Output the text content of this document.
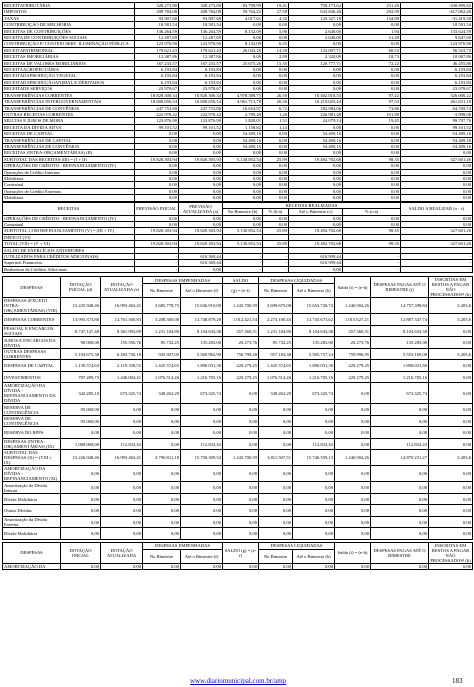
RECEITATRIBUTÁRIA	328.273,80	328.273,80	83.799,99	19,41	759.173,62	231,26	-430.899,82
IMPOSTOS	208.784,08	208.784,08	59.764,22	27,58	633.846,48	292,99	-417.062,40
TAXAS	93.907,68	93.907,68	4.017,61	4,32	125.327,18	134,99	-31.419,50
CONTRIBUIÇÃO DE MELHORIA	18.581,54	18.581,54	0,00	0,00	0,00	0,00	18.581,54
RECEITAS DE CONTRIBUIÇÕES	136.264,59	136.264,59	8.132,09	5,96	2.640,00	1,94	133.624,59
RECEITA DE CONTRIBUIÇÕES SOCIAIS	12.287,69	12.287,69	0,00	0,00	2.640,00	21,49	9.647,69
CONTRIBUIÇÃO P/ CUSTEIO SERV. ILUMINAÇÃO PÚBLICA	123.976,90	123.976,90	8.132,09	6,55	0,00	0,00	123.976,90
RECEITAPATRIMONIAL	179.621,43	179.621,43	26.043,26	14,50	123.097,71	68,53	56.523,72
RECEITAS IMOBILIÁRIAS	12.387,86	12.387,86	0,00	2,99	2.320,00	18,73	10.067,86
RECEITAS DE VALORES MOBILIÁRIOS	167.233,57	167.233,57	25.675,26	15,35	120.777,71	72,22	46.455,86
RECEITAAGROPECUÁRIA	6.193,84	6.193,84	0,00	0,00	0,00	0,00	6.193,84
RECEITADAPRODUÇÃO VEGETAL	6.193,84	6.193,84	0,00	0,00	0,00	0,00	6.193,84
RECEITADAPRODUÇÃOANIMAL E DERIVADOS	6.193,84	6.193,84	0,00	0,00	0,00	0,00	6.193,84
RECEITADE SERVIÇOS	23.978,67	23.978,67	0,00	0,00	0,00	0,00	23.978,67
TRANSFERÊNCIAS CORRENTES	18.828.300,34	18.828.300,34	4.978.388,75	26,50	18.402.010,53	97,22	326.000,22
TRANSFERÊNCIAS INTERGOVERNAMENTAIS	18.600.656,54	18.600.656,54	4.961.713,78	26,56	18.219.025,44	97,53	461.631,10
TRANSFERÊNCIAS DE CONVÊNIOS	247.753,80	247.753,80	16.654,97	6,72	182.984,06	73,86	64.769,74
OUTRAS RECEITAS CORRENTES	222.978,42	222.978,42	2.799,40	1,26	226.981,48	101,80	-3.998,06
MULTAS E JUROS DE MORA	123.876,90	123.876,90	1.828,01	1,51	24.079,14	19,45	99.797,76
RECEITA DA DÍVIDA ATIVA	99.101,52	99.101,52	1.158,82	1,14	0,00	0,00	99.101,52
RECEITAS DE CAPITAL	0,00	0,00	54.409,16	0,00	54.409,16	0,00	-54.409,16
TRANSFERÊNCIAS DE CAPITAL	0,00	0,00	54.409,16	0,00	54.409,16	0,00	-54.409,16
TRANSFERÊNCIAS DE CONVÊNIOS	0,00	0,00	54.409,16	0,00	54.409,16	0,00	-54.409,16
RECEITAS (INTRA-ORÇAMENTÁRIAS) (II)	0,00	0,00	0,00	0,00	0,00	0,00	0,00
SUBTOTAL DAS RECEITAS (III) = (I + II)	19.820.303,94	19.820.303,94	5.130.852,54	25,89	19.492.702,68	98,35	327.601,26
OPERAÇÕES DE CRÉDITO - REFINANCIAMENTO (IV)	0,00	0,00	0,00	0,00	0,00	0,00	0,00
Operações de Crédito Internas	0,00	0,00	0,00	0,00	0,00	0,00	0,00
Mobiliária	0,00	0,00	0,00	0,00	0,00	0,00	0,00
Contratual	0,00	0,00	0,00	0,00	0,00	0,00	0,00
Operações de Crédito Externas	0,00	0,00	0,00	0,00	0,00	0,00	0,00
Mobiliária	0,00	0,00	0,00	0,00	0,00	0,00	0,00
RECEITAS	PREVISÃO INICIAL	PREVISÃO ATUALIZADA (a)	RECEITAS REALIZADAS				SALDO A REALIZAR (a - c)
			No Bimestre (b)	% (b/a)	Até o Bimestre (c)	% (c/a)	
OPERAÇÕES DE CRÉDITO - REFINANCIAMENTO (IV)	0,00	0,00	0,00	0,00	0,00	0,00	0,00
Contratual	0,00	0,00	0,00	0,00	0,00	0,00	0,00
SUBTOTAL COM REFINANCIAMENTO (V) = (III + IV)	19.820.303,94	19.820.303,94	5.130.852,54	25,89	19.492.702,68	98,35	327.601,26
DÉFICIT (VI)							
TOTAL (VII) = (V + VI)	19.820.303,94	19.820.303,94	5.130.852,54	25,89	19.492.702,68	98,35	327.601,26
SALDO DE EXERCÍCIOS ANTERIORES							
(UTILIZADOS PARA CRÉDITOS ADICIONAIS)	-	610.369,44	-	-	610.999,44	-	-
Superávit Financeiro	-	610.369,44	-	-	610.999,44	-	-
Reabertura de Créditos Adicionais	-	0,00	-	-	0,00	-	-
DESPESAS	DOTAÇÃO INICIAL (d)	DOTAÇÃO ATUALIZADA (e)	DESPESAS EMPENHADAS		SALDO	DESPESAS LIQUIDADAS		Saldo (i) = (e-h)	DESPESAS PAGAS ATÉ O BIMESTRE (j)	INSCRITAS EM RESTOS A PAGAR NÃO PROCESSADOS² (k)
			No Bimestre	Até o Bimestre (f)	(g) = (e-f)	No Bimestre	Até o Bimestre (h)			
DESPESAS (EXCETO INTRA-ORÇAMENTÁRIAS) (VIII)	15.225.948,46	16.993.463,41	3.685.778,75	15.636.910,00	1.243.700,59	3.699.675,08	15.653.726,72	1.246.904,26	14.757.398,84	3.203,6
DESPESAS CORRENTES	13.993.373,80	14.761.300,83	3.208.300,00	13.748.879,28	1.012.421,54	2.274.100,43	13.745.673,62	1.015.627,21	12.887.347,74	3.203,6
PESSOAL E ENCARGOS SOCIAIS	8.747.147,48	8.361.993,89	1.231.184,80	8.104.633,38	257.360,51	1.231.184,80	8.104.633,38	257.360,51	8.104.633,38	0,00
JUROS E ENCARGOS DA DÍVIDA	90.000,00	155.556,76	85.732,25	135.283,00	20.273,76	85.732,25	135.283,00	20.273,76	135.283,00	0,00
OUTRAS DESPESAS CORRENTES	5.194.675,38	6.293.750,18	943.307,05	5.560.962,90	756.799,28	957.183,38	5.505.757,24	759.996,95	5.553.169,08	3.203,6
DESPESAS DE CAPITAL	1.139.574,63	2.119.330,55	1.425.574,65	1.890.031,30	229.279,25	1.425.574,65	1.890.031,30	229.279,25	1.890.031,30	0,00
INVESTIMENTOS	797.289,73	1.446.004,41	1.076.512,26	1.216.705,16	229.279,25	1.076.512,26	1.216.705,16	229.279,25	1.216.705,16	0,00
AMORTIZAÇÃO DA DÍVIDA - REFINANCIAMENTO DA DÍVIDA	342.285,10	673.325,74	349.262,29	673.325,74	0,00	349.262,29	673.325,74	0,00	673.325,74	0,00
RESERVA DE CONTINGÊNCIA	95.000,00	0,00	0,00	0,00	0,00	0,00	0,00	0,00	0,00	0,00
RESERVA DE CONTINGÊNCIA	95.000,00	0,00	0,00	0,00	0,00	0,00	0,00	0,00	0,00	0,00
RESERVA DO RPPS	0,00	0,00	0,00	0,00	0,00	0,00	0,00	0,00	0,00	0,00
DESPESAS (INTRA-ORÇAMENTÁRIAS) (IX)	1.000.000,00	112.832,43	0,00	112.832,43	0,00	0,00	112.832,43	0,00	112.832,43	0,00
SUBTOTAL DAS DESPESAS (X) = (VIII + IX)	15.226.948,46	16.993.463,41	3.790.811,18	15.750.309,54	1.243.700,59	3.811.507,51	15.746.559,13	1.246.904,26	14.870.231,27	3.203,6
AMORTIZAÇÃO DA DÍVIDA - REFINANCIAMENTO (XI)	0,00	0,00	0,00	0,00	0,00	0,00	0,00	0,00	0,00	0,00
Amortização da Dívida Interna	0,00	0,00	0,00	0,00	0,00	0,00	0,00	0,00	0,00	0,00
Dívida Mobiliária	0,00	0,00	0,00	0,00	0,00	0,00	0,00	0,00	0,00	0,00
Outras Dívidas	0,00	0,00	0,00	0,00	0,00	0,00	0,00	0,00	0,00	0,00
Amortização da Dívida Externa	0,00	0,00	0,00	0,00	0,00	0,00	0,00	0,00	0,00	0,00
Dívida Mobiliária	0,00	0,00	0,00	0,00	0,00	0,00	0,00	0,00	0,00	0,00
DESPESAS	DOTAÇÃO INICIAL	DOTAÇÃO ATUALIZADA	DESPESAS EMPENHADAS		SALDO (g) = (e-f)	DESPESAS LIQUIDADAS		Saldo (i) = (e-h)	DESPESAS PAGAS ATÉ O BIMESTRE	INSCRITAS EM RESTOS A PAGAR NÃO PROCESSADOS² (k)
			No Bimestre	Até o Bimestre (f)		No Bimestre	Até o Bimestre (h)			
AMORTIZAÇÃO DA	0,00	0,00	0,00	0,00	0,00	0,00	0,00	0,00	0,00	0,00
www.diariomunicipal.com.br/amp	183
